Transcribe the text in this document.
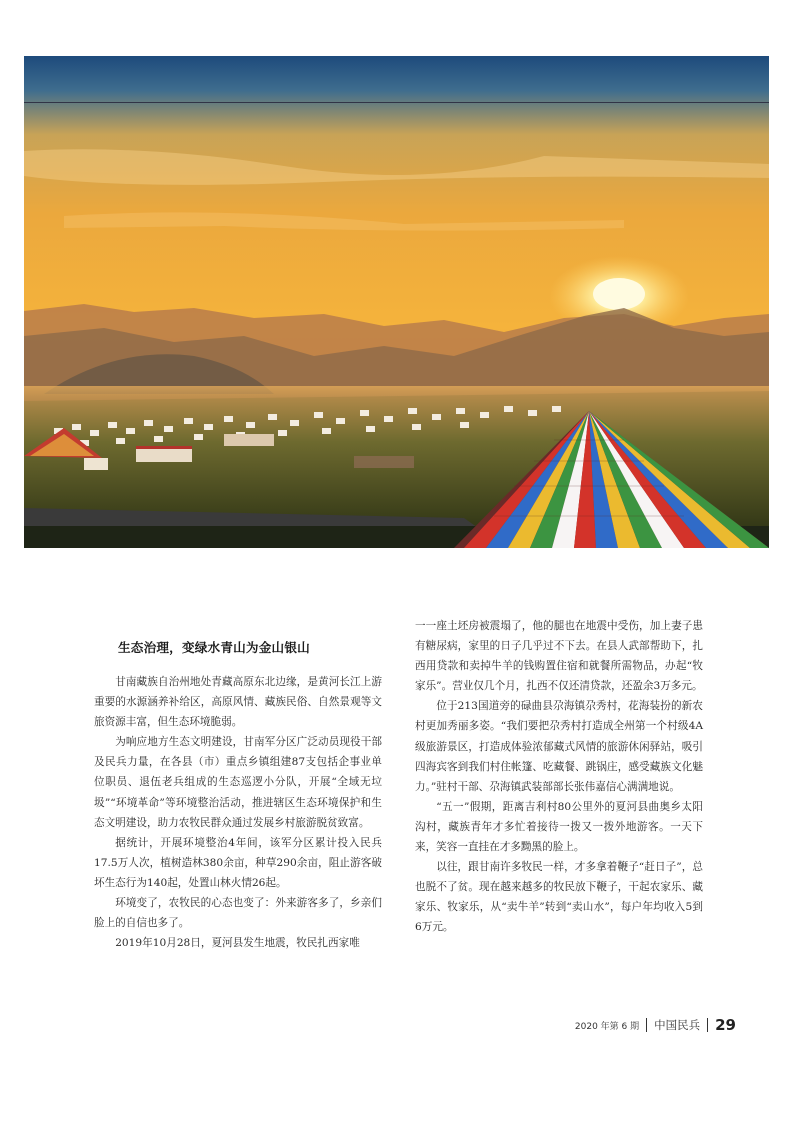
生态治理，变绿水青山为金山银山

甘南藏族自治州地处青藏高原东北边缘，是黄河长江上游重要的水源涵养补给区，高原风情、藏族民俗、自然景观等文旅资源丰富，但生态环境脆弱。

为响应地方生态文明建设，甘南军分区广泛动员现役干部及民兵力量，在各县（市）重点乡镇组建87支包括企事业单位职员、退伍老兵组成的生态巡逻小分队，开展“全域无垃圾”“环境革命”等环境整治活动，推进辖区生态环境保护和生态文明建设，助力农牧民群众通过发展乡村旅游脱贫致富。

据统计，开展环境整治4年间，该军分区累计投入民兵17.5万人次，植树造林380余亩，种草290余亩，阻止游客破坏生态行为140起，处置山林火情26起。

环境变了，农牧民的心态也变了：外来游客多了，乡亲们脸上的自信也多了。

2019年10月28日，夏河县发生地震，牧民扎西家唯

一一座土坯房被震塌了，他的腿也在地震中受伤，加上妻子患有糖尿病，家里的日子几乎过不下去。在县人武部帮助下，扎西用贷款和卖掉牛羊的钱购置住宿和就餐所需物品，办起“牧家乐”。营业仅几个月，扎西不仅还清贷款，还盈余3万多元。

位于213国道旁的碌曲县尕海镇尕秀村，花海装扮的新农村更加秀丽多姿。“我们要把尕秀村打造成全州第一个村级4A级旅游景区，打造成体验浓郁藏式风情的旅游休闲驿站，吸引四海宾客到我们村住帐篷、吃藏餐、跳锅庄，感受藏族文化魅力。”驻村干部、尕海镇武装部部长张伟嘉信心满满地说。

“五一”假期，距离吉利村80公里外的夏河县曲奥乡太阳沟村，藏族青年才多忙着接待一拨又一拨外地游客。一天下来，笑容一直挂在才多黝黑的脸上。

以往，跟甘南许多牧民一样，才多拿着鞭子“赶日子”，总也脱不了贫。现在越来越多的牧民放下鞭子，干起农家乐、藏家乐、牧家乐，从“卖牛羊”转到“卖山水”，每户年均收入5到6万元。

2020 年第 6 期 中国民兵 29
